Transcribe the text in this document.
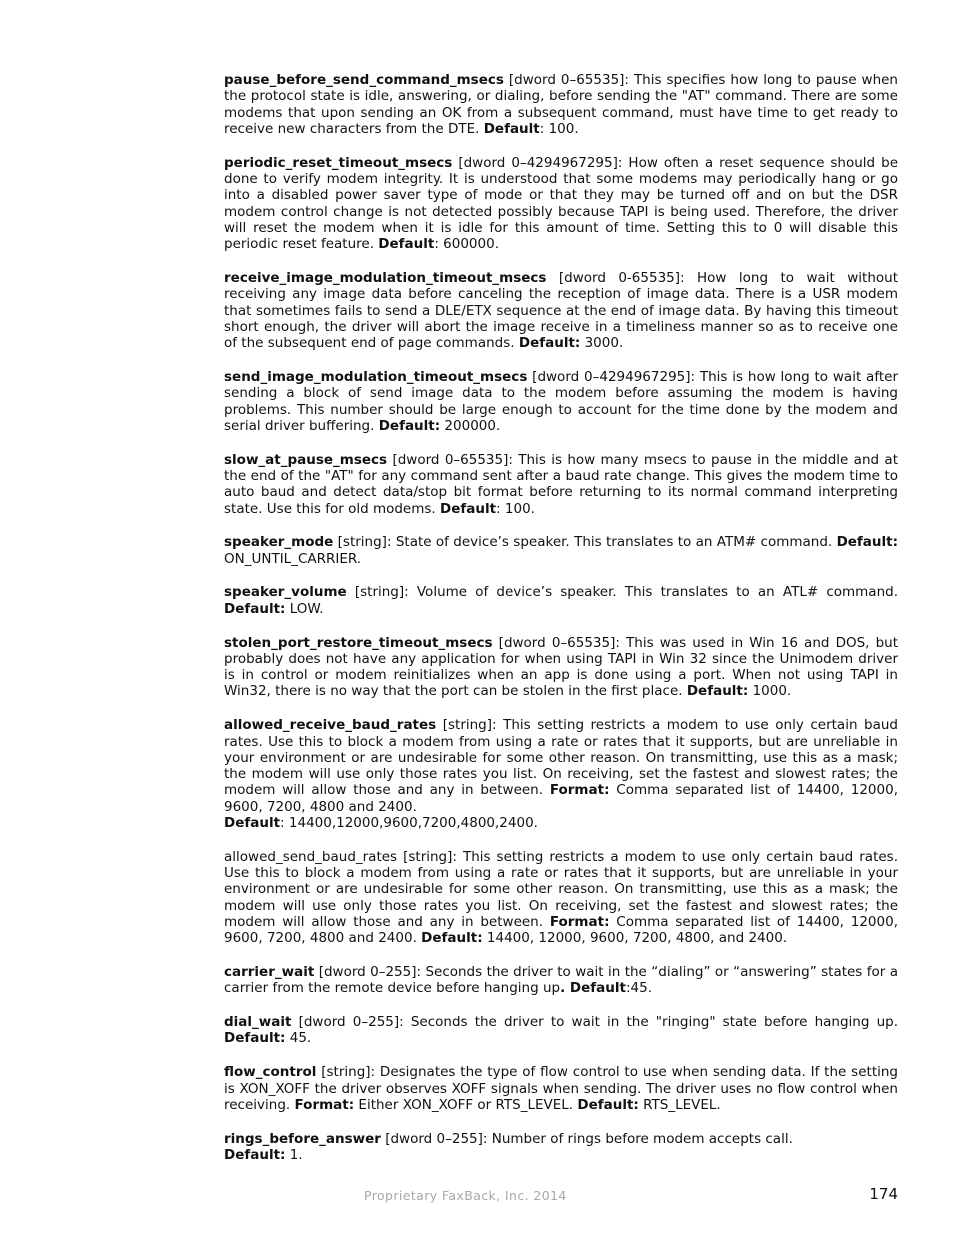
pause_before_send_command_msecs [dword 0–65535]: This specifies how long to pause when the protocol state is idle, answering, or dialing, before sending the "AT" command. There are some modems that upon sending an OK from a subsequent command, must have time to get ready to receive new characters from the DTE. Default: 100.

periodic_reset_timeout_msecs [dword 0–4294967295]: How often a reset sequence should be done to verify modem integrity. It is understood that some modems may periodically hang or go into a disabled power saver type of mode or that they may be turned off and on but the DSR modem control change is not detected possibly because TAPI is being used. Therefore, the driver will reset the modem when it is idle for this amount of time. Setting this to 0 will disable this periodic reset feature. Default: 600000.

receive_image_modulation_timeout_msecs [dword 0-65535]: How long to wait without receiving any image data before canceling the reception of image data. There is a USR modem that sometimes fails to send a DLE/ETX sequence at the end of image data. By having this timeout short enough, the driver will abort the image receive in a timeliness manner so as to receive one of the subsequent end of page commands. Default: 3000.

send_image_modulation_timeout_msecs [dword 0–4294967295]: This is how long to wait after sending a block of send image data to the modem before assuming the modem is having problems. This number should be large enough to account for the time done by the modem and serial driver buffering. Default: 200000.

slow_at_pause_msecs [dword 0–65535]: This is how many msecs to pause in the middle and at the end of the "AT" for any command sent after a baud rate change. This gives the modem time to auto baud and detect data/stop bit format before returning to its normal command interpreting state. Use this for old modems. Default: 100.

speaker_mode [string]: State of device’s speaker. This translates to an ATM# command. Default: ON_UNTIL_CARRIER.

speaker_volume [string]: Volume of device’s speaker. This translates to an ATL# command. Default: LOW.

stolen_port_restore_timeout_msecs [dword 0–65535]: This was used in Win 16 and DOS, but probably does not have any application for when using TAPI in Win 32 since the Unimodem driver is in control or modem reinitializes when an app is done using a port. When not using TAPI in Win32, there is no way that the port can be stolen in the first place. Default: 1000.

allowed_receive_baud_rates [string]: This setting restricts a modem to use only certain baud rates. Use this to block a modem from using a rate or rates that it supports, but are unreliable in your environment or are undesirable for some other reason. On transmitting, use this as a mask; the modem will use only those rates you list. On receiving, set the fastest and slowest rates; the modem will allow those and any in between. Format: Comma separated list of 14400, 12000, 9600, 7200, 4800 and 2400.
Default: 14400,12000,9600,7200,4800,2400.

allowed_send_baud_rates [string]: This setting restricts a modem to use only certain baud rates. Use this to block a modem from using a rate or rates that it supports, but are unreliable in your environment or are undesirable for some other reason. On transmitting, use this as a mask; the modem will use only those rates you list. On receiving, set the fastest and slowest rates; the modem will allow those and any in between. Format: Comma separated list of 14400, 12000, 9600, 7200, 4800 and 2400. Default: 14400, 12000, 9600, 7200, 4800, and 2400.

carrier_wait [dword 0–255]: Seconds the driver to wait in the “dialing” or “answering” states for a carrier from the remote device before hanging up. Default:45.

dial_wait [dword 0–255]: Seconds the driver to wait in the "ringing" state before hanging up. Default: 45.

flow_control [string]: Designates the type of flow control to use when sending data. If the setting is XON_XOFF the driver observes XOFF signals when sending. The driver uses no flow control when receiving. Format: Either XON_XOFF or RTS_LEVEL. Default: RTS_LEVEL.

rings_before_answer [dword 0–255]: Number of rings before modem accepts call.
Default: 1.

Proprietary FaxBack, Inc. 2014	174
